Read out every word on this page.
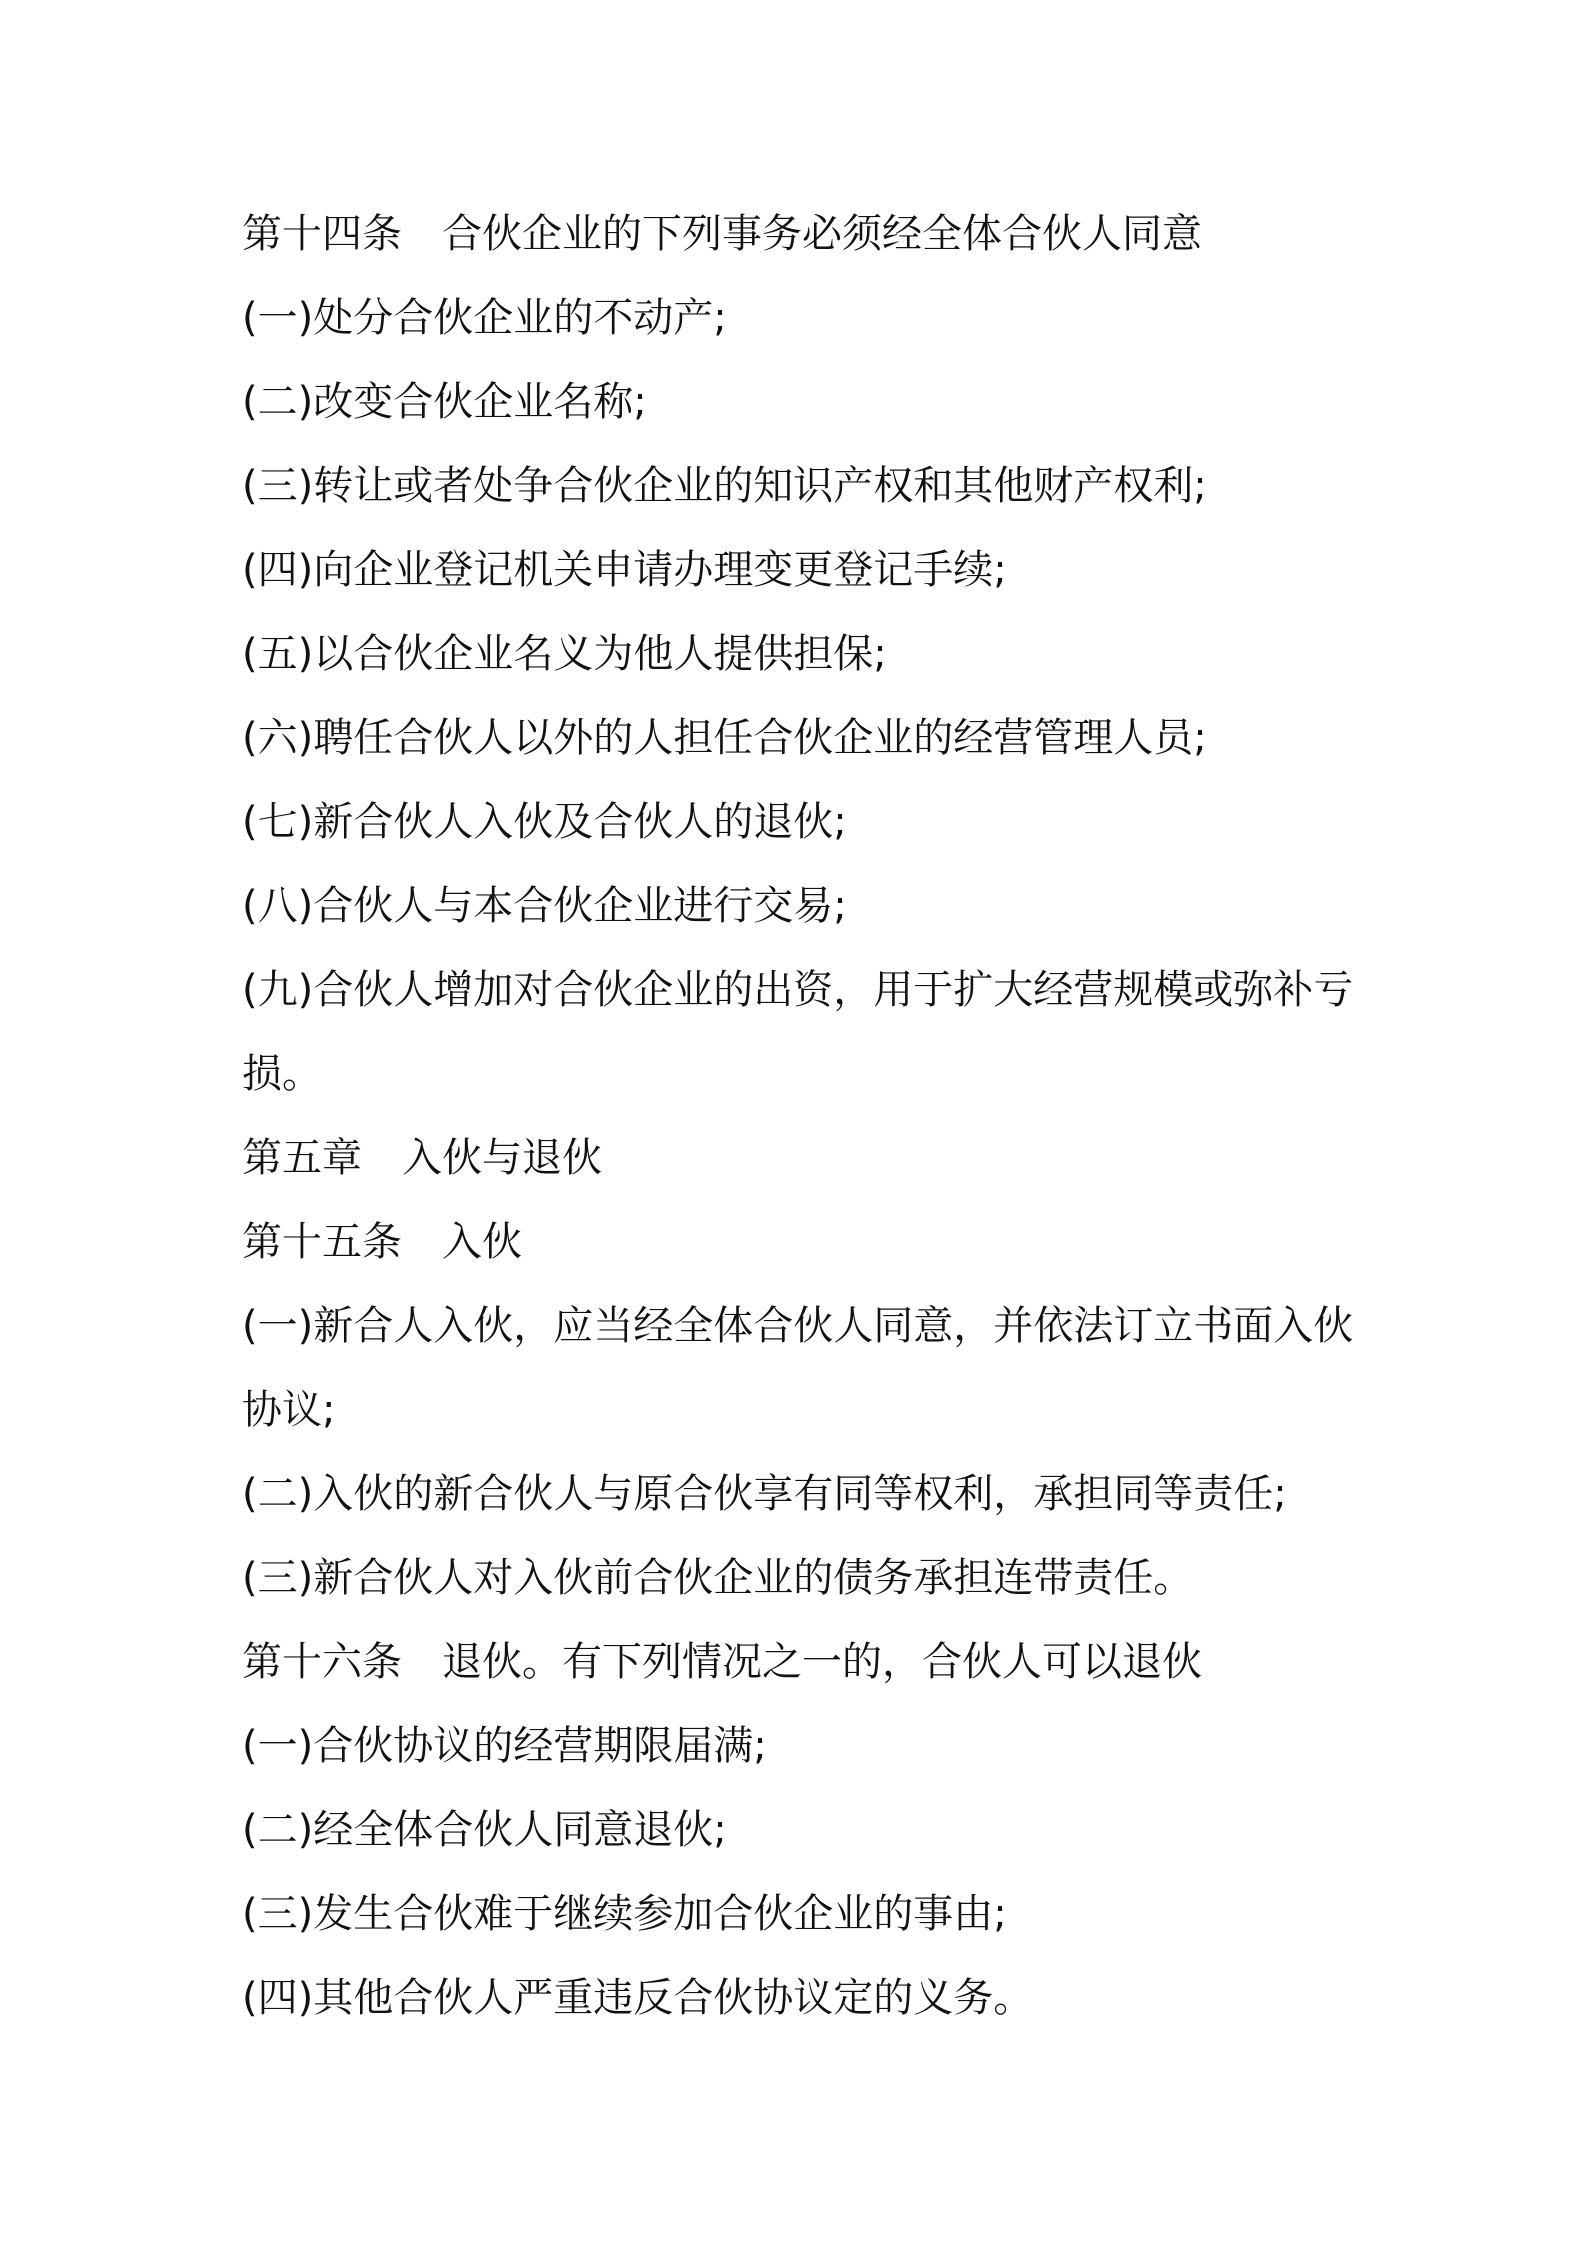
第十四条　合伙企业的下列事务必须经全体合伙人同意
(一)处分合伙企业的不动产;
(二)改变合伙企业名称;
(三)转让或者处争合伙企业的知识产权和其他财产权利;
(四)向企业登记机关申请办理变更登记手续;
(五)以合伙企业名义为他人提供担保;
(六)聘任合伙人以外的人担任合伙企业的经营管理人员;
(七)新合伙人入伙及合伙人的退伙;
(八)合伙人与本合伙企业进行交易;
(九)合伙人增加对合伙企业的出资，用于扩大经营规模或弥补亏
损。
第五章　入伙与退伙
第十五条　入伙
(一)新合人入伙，应当经全体合伙人同意，并依法订立书面入伙
协议;
(二)入伙的新合伙人与原合伙享有同等权利，承担同等责任;
(三)新合伙人对入伙前合伙企业的债务承担连带责任。
第十六条　退伙。有下列情况之一的，合伙人可以退伙
(一)合伙协议的经营期限届满;
(二)经全体合伙人同意退伙;
(三)发生合伙难于继续参加合伙企业的事由;
(四)其他合伙人严重违反合伙协议定的义务。
